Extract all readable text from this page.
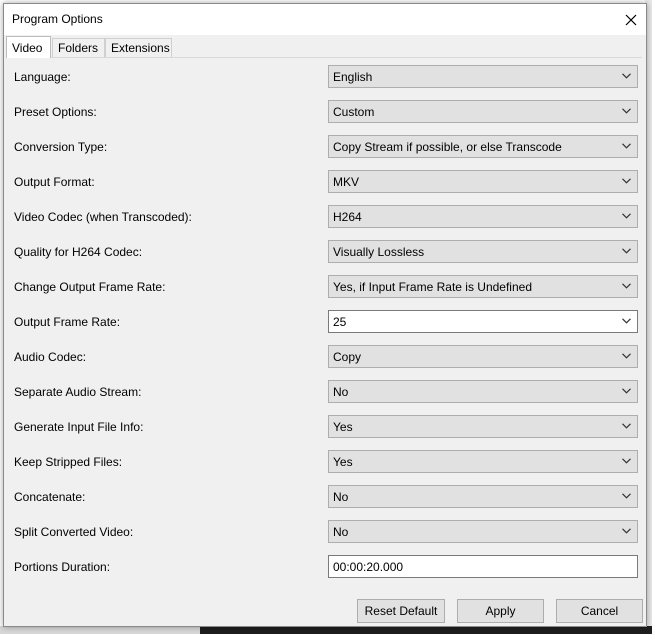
Program Options
Video	Folders	Extensions
Language:	English
Preset Options:	Custom
Conversion Type:	Copy Stream if possible, or else Transcode
Output Format:	MKV
Video Codec (when Transcoded):	H264
Quality for H264 Codec:	Visually Lossless
Change Output Frame Rate:	Yes, if Input Frame Rate is Undefined
Output Frame Rate:	25
Audio Codec:	Copy
Separate Audio Stream:	No
Generate Input File Info:	Yes
Keep Stripped Files:	Yes
Concatenate:	No
Split Converted Video:	No
Portions Duration:	00:00:20.000
Reset Default	Apply	Cancel
